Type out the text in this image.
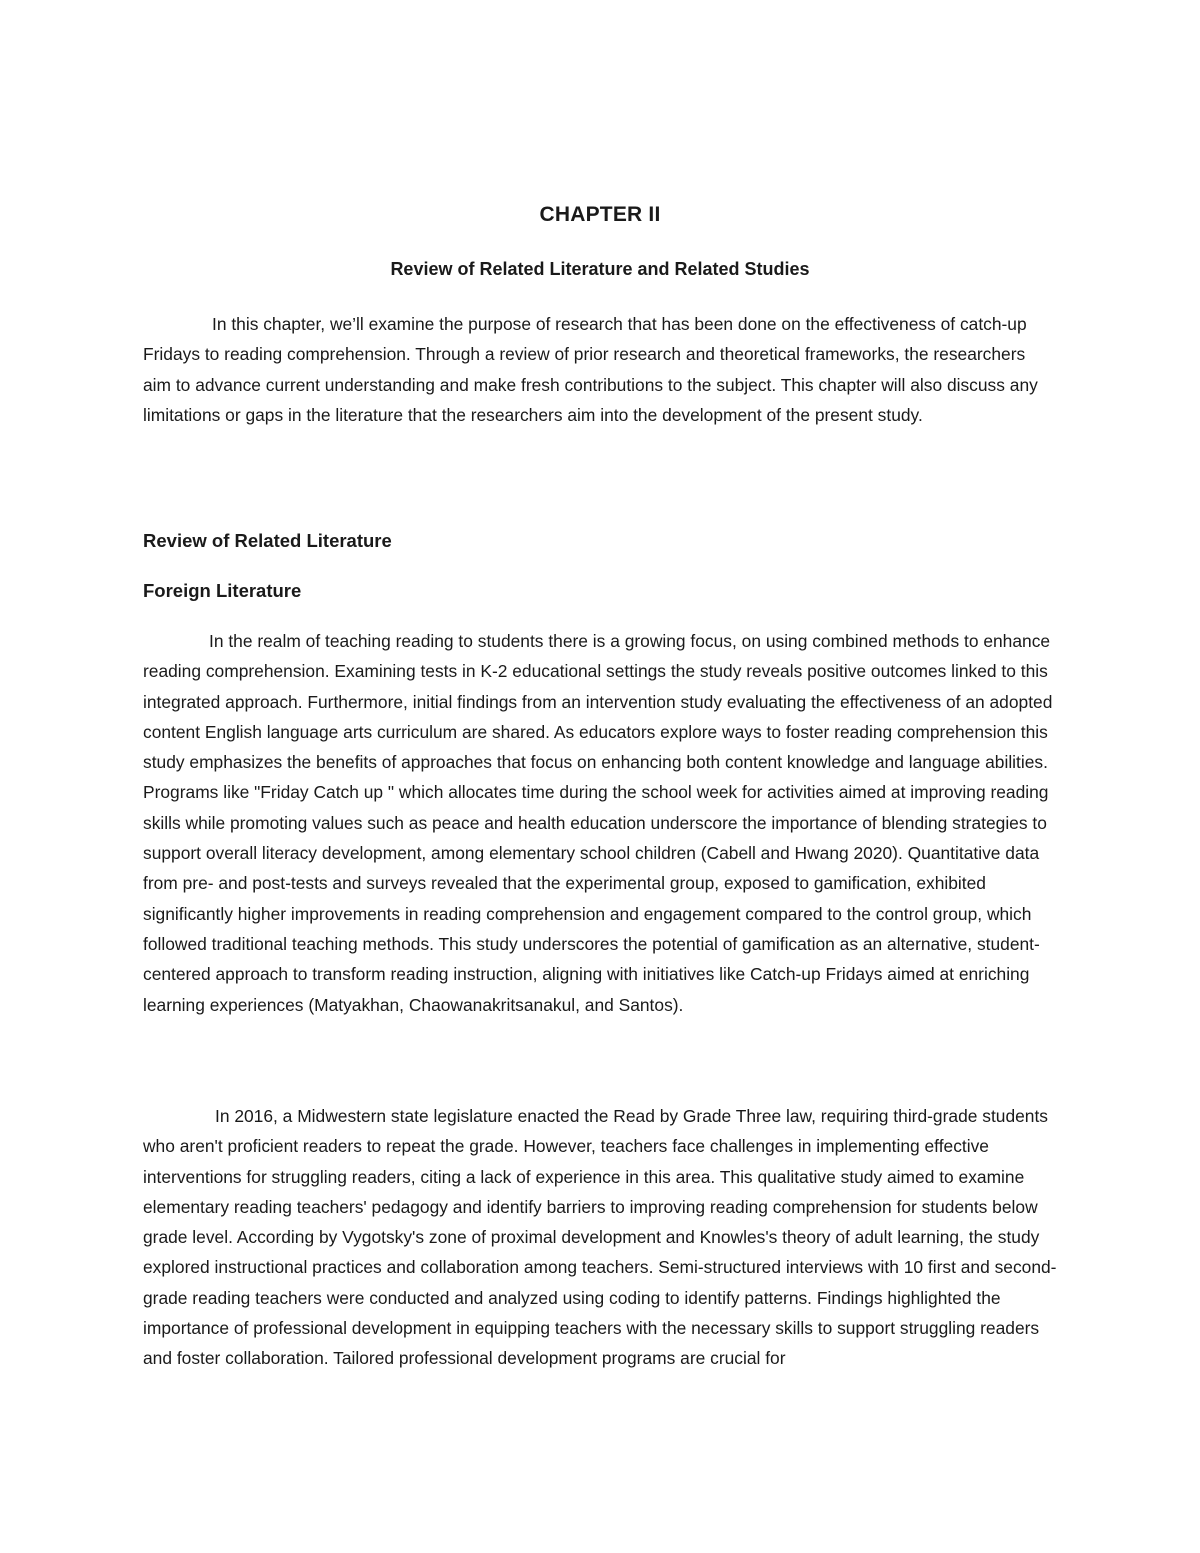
CHAPTER II
Review of Related Literature and Related Studies

In this chapter, we’ll examine the purpose of research that has been done on the effectiveness of catch-up Fridays to reading comprehension. Through a review of prior research and theoretical frameworks, the researchers aim to advance current understanding and make fresh contributions to the subject. This chapter will also discuss any limitations or gaps in the literature that the researchers aim into the development of the present study.

Review of Related Literature
Foreign Literature

In the realm of teaching reading to students there is a growing focus, on using combined methods to enhance reading comprehension. Examining tests in K-2 educational settings the study reveals positive outcomes linked to this integrated approach. Furthermore, initial findings from an intervention study evaluating the effectiveness of an adopted content English language arts curriculum are shared. As educators explore ways to foster reading comprehension this study emphasizes the benefits of approaches that focus on enhancing both content knowledge and language abilities. Programs like "Friday Catch up " which allocates time during the school week for activities aimed at improving reading skills while promoting values such as peace and health education underscore the importance of blending strategies to support overall literacy development, among elementary school children (Cabell and Hwang 2020). Quantitative data from pre- and post-tests and surveys revealed that the experimental group, exposed to gamification, exhibited significantly higher improvements in reading comprehension and engagement compared to the control group, which followed traditional teaching methods. This study underscores the potential of gamification as an alternative, student-centered approach to transform reading instruction, aligning with initiatives like Catch-up Fridays aimed at enriching learning experiences (Matyakhan, Chaowanakritsanakul, and Santos).

In 2016, a Midwestern state legislature enacted the Read by Grade Three law, requiring third-grade students who aren't proficient readers to repeat the grade. However, teachers face challenges in implementing effective interventions for struggling readers, citing a lack of experience in this area. This qualitative study aimed to examine elementary reading teachers' pedagogy and identify barriers to improving reading comprehension for students below grade level. According by Vygotsky's zone of proximal development and Knowles's theory of adult learning, the study explored instructional practices and collaboration among teachers. Semi-structured interviews with 10 first and second-grade reading teachers were conducted and analyzed using coding to identify patterns. Findings highlighted the importance of professional development in equipping teachers with the necessary skills to support struggling readers and foster collaboration. Tailored professional development programs are crucial for
